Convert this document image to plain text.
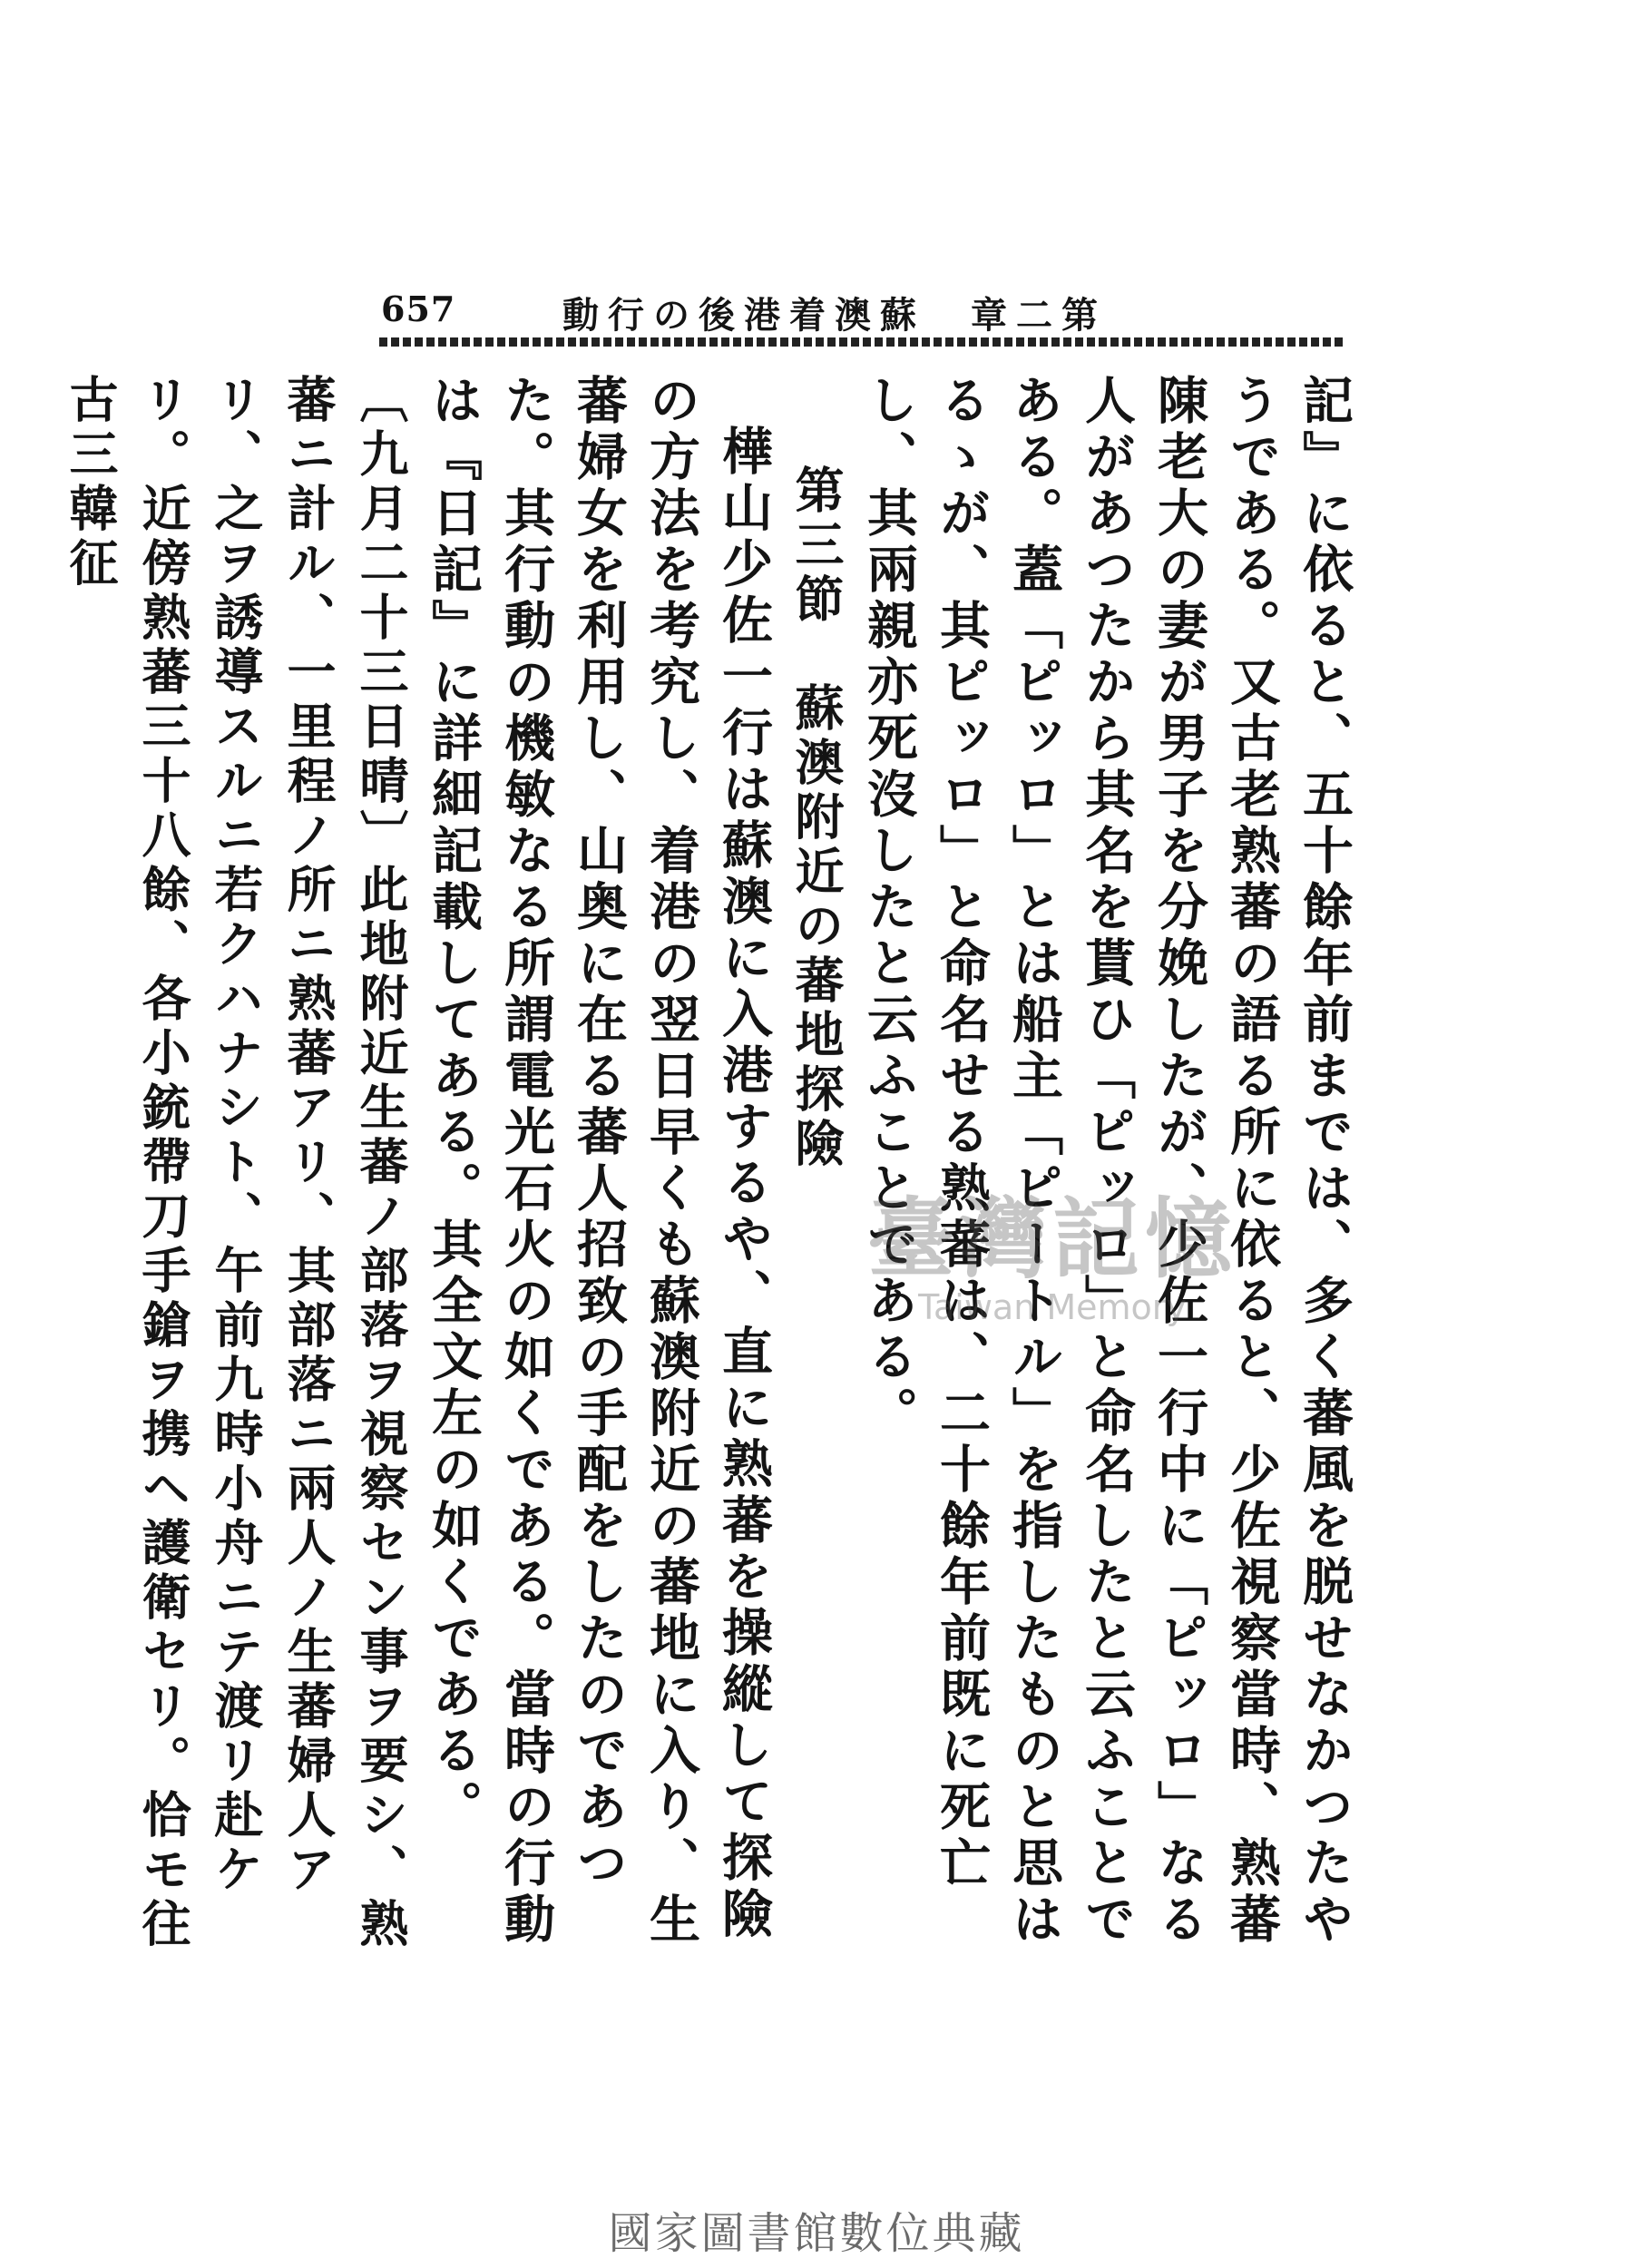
657	第二章　蘇澳着港後の行動

記』に依ると、五十餘年前までは、多く蕃風を脱せなかつたやうである。又古老熟蕃の語る所に依ると、少佐視察當時、熟蕃陳老大の妻が男子を分娩したが、少佐一行中に「ピッロ」なる人があつたから其名を貰ひ「ピッロ」と命名したと云ふことである。蓋「ピッロ」とは船主「ピートル」を指したものと思はるゝが、其ピッロ」と命名せる熟蕃は、二十餘年前既に死亡し、其兩親亦死沒したと云ふことである。

第三節　蘇澳附近の蕃地探險

樺山少佐一行は蘇澳に入港するや、直に熟蕃を操縱して探險の方法を考究し、着港の翌日早くも蘇澳附近の蕃地に入り、生蕃婦女を利用し、山奥に在る蕃人招致の手配をしたのであつた。其行動の機敏なる所謂電光石火の如くである。當時の行動は『日記』に詳細記載してある。其全文左の如くである。

〔九月二十三日晴〕此地附近生蕃ノ部落ヲ視察セン事ヲ要シ、熟蕃ニ計ル、一里程ノ所ニ熟蕃アリ、其部落ニ兩人ノ生蕃婦人アリ、之ヲ誘導スルニ若クハナシト、午前九時小舟ニテ渡リ赴ケリ。近傍熟蕃三十八餘、各小銃帶刀手鎗ヲ携ヘ護衛セリ。恰モ往古三韓征

臺灣記憶
Taiwan Memory
國家圖書館數位典藏
